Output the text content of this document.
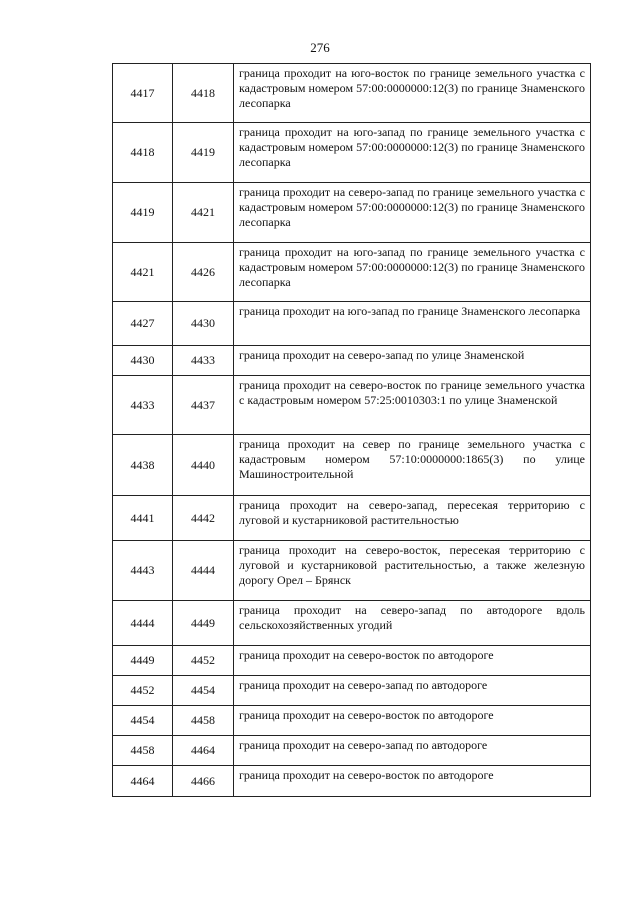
276
4417	4418	граница проходит на юго-восток по границе земельного участка с кадастровым номером 57:00:0000000:12(3) по границе Знаменского лесопарка
4418	4419	граница проходит на юго-запад по границе земельного участка с кадастровым номером 57:00:0000000:12(3) по границе Знаменского лесопарка
4419	4421	граница проходит на северо-запад по границе земельного участка с кадастровым номером 57:00:0000000:12(3) по границе Знаменского лесопарка
4421	4426	граница проходит на юго-запад по границе земельного участка с кадастровым номером 57:00:0000000:12(3) по границе Знаменского лесопарка
4427	4430	граница проходит на юго-запад по границе Знаменского лесопарка
4430	4433	граница проходит на северо-запад по улице Знаменской
4433	4437	граница проходит на северо-восток по границе земельного участка с кадастровым номером 57:25:0010303:1 по улице Знаменской
4438	4440	граница проходит на север по границе земельного участка с кадастровым номером 57:10:0000000:1865(3) по улице Машиностроительной
4441	4442	граница проходит на северо-запад, пересекая территорию с луговой и кустарниковой растительностью
4443	4444	граница проходит на северо-восток, пересекая территорию с луговой и кустарниковой растительностью, а также железную дорогу Орел – Брянск
4444	4449	граница проходит на северо-запад по автодороге вдоль сельскохозяйственных угодий
4449	4452	граница проходит на северо-восток по автодороге
4452	4454	граница проходит на северо-запад по автодороге
4454	4458	граница проходит на северо-восток по автодороге
4458	4464	граница проходит на северо-запад по автодороге
4464	4466	граница проходит на северо-восток по автодороге
